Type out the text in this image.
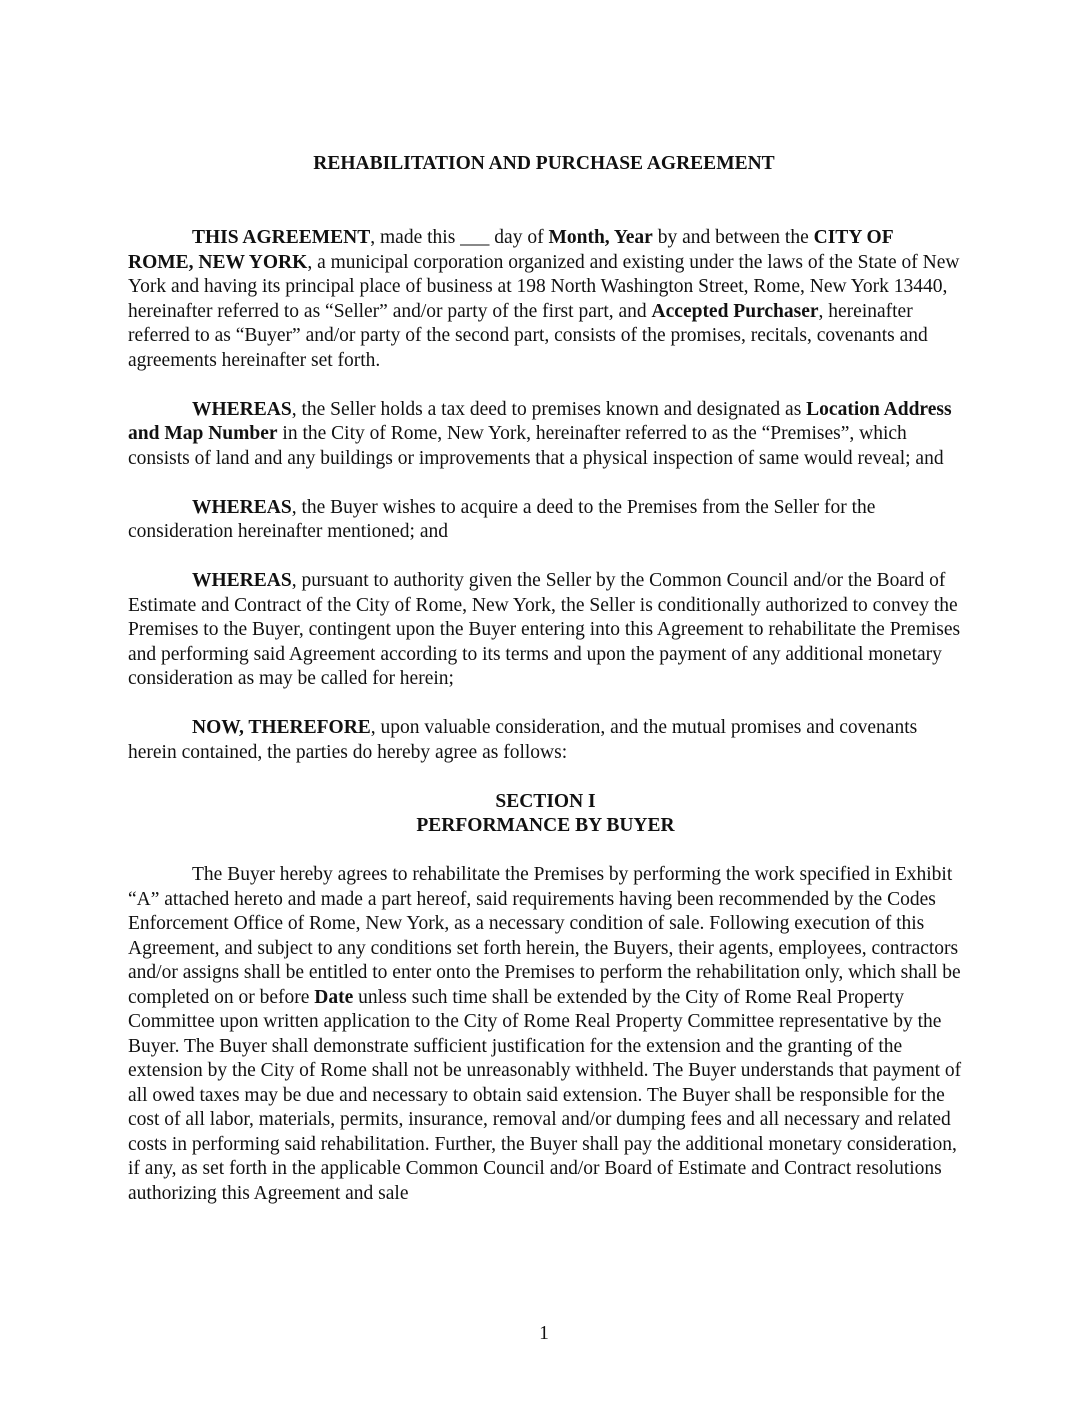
REHABILITATION AND PURCHASE AGREEMENT

THIS AGREEMENT, made this ___ day of Month, Year by and between the CITY OF ROME, NEW YORK, a municipal corporation organized and existing under the laws of the State of New York and having its principal place of business at 198 North Washington Street, Rome, New York 13440, hereinafter referred to as “Seller” and/or party of the first part, and Accepted Purchaser, hereinafter referred to as “Buyer” and/or party of the second part, consists of the promises, recitals, covenants and agreements hereinafter set forth.

WHEREAS, the Seller holds a tax deed to premises known and designated as Location Address and Map Number in the City of Rome, New York, hereinafter referred to as the “Premises”, which consists of land and any buildings or improvements that a physical inspection of same would reveal; and

WHEREAS, the Buyer wishes to acquire a deed to the Premises from the Seller for the consideration hereinafter mentioned; and

WHEREAS, pursuant to authority given the Seller by the Common Council and/or the Board of Estimate and Contract of the City of Rome, New York, the Seller is conditionally authorized to convey the Premises to the Buyer, contingent upon the Buyer entering into this Agreement to rehabilitate the Premises and performing said Agreement according to its terms and upon the payment of any additional monetary consideration as may be called for herein;

NOW, THEREFORE, upon valuable consideration, and the mutual promises and covenants herein contained, the parties do hereby agree as follows:

SECTION I
PERFORMANCE BY BUYER

The Buyer hereby agrees to rehabilitate the Premises by performing the work specified in Exhibit “A” attached hereto and made a part hereof, said requirements having been recommended by the Codes Enforcement Office of Rome, New York, as a necessary condition of sale. Following execution of this Agreement, and subject to any conditions set forth herein, the Buyers, their agents, employees, contractors and/or assigns shall be entitled to enter onto the Premises to perform the rehabilitation only, which shall be completed on or before Date unless such time shall be extended by the City of Rome Real Property Committee upon written application to the City of Rome Real Property Committee representative by the Buyer. The Buyer shall demonstrate sufficient justification for the extension and the granting of the extension by the City of Rome shall not be unreasonably withheld. The Buyer understands that payment of all owed taxes may be due and necessary to obtain said extension. The Buyer shall be responsible for the cost of all labor, materials, permits, insurance, removal and/or dumping fees and all necessary and related costs in performing said rehabilitation. Further, the Buyer shall pay the additional monetary consideration, if any, as set forth in the applicable Common Council and/or Board of Estimate and Contract resolutions authorizing this Agreement and sale

1
